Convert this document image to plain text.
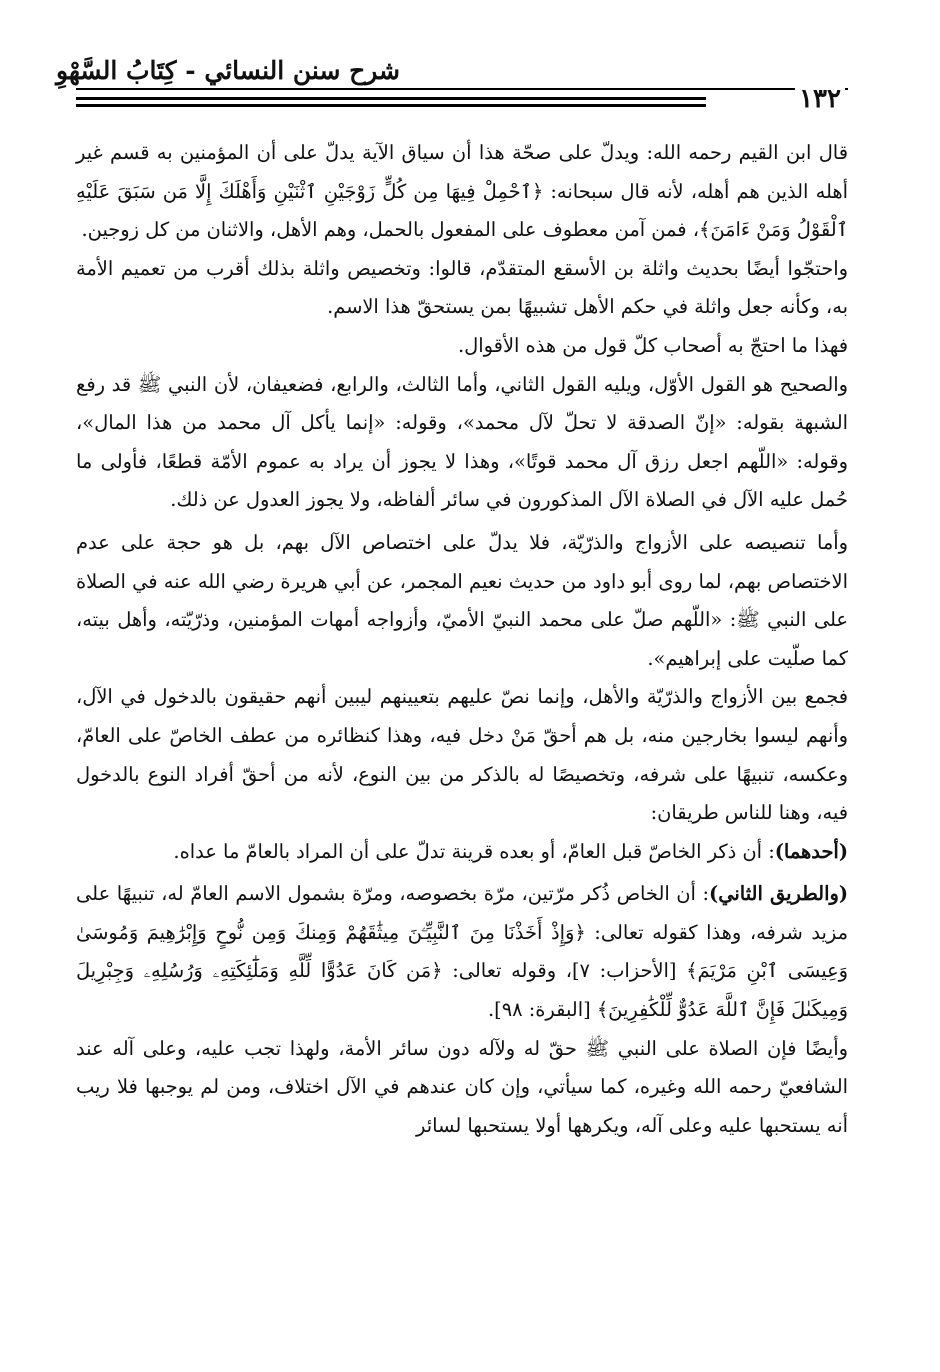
شرح سنن النسائي - كِتَابُ السَّهْوِ
١٣٢

قال ابن القيم رحمه الله: ويدلّ على صحّة هذا أن سياق الآية يدلّ على أن المؤمنين به قسم غير أهله الذين هم أهله، لأنه قال سبحانه: ﴿ٱحْمِلْ فِيهَا مِن كُلٍّ زَوْجَيْنِ ٱثْنَيْنِ وَأَهْلَكَ إِلَّا مَن سَبَقَ عَلَيْهِ ٱلْقَوْلُ وَمَنْ ءَامَنَ﴾، فمن آمن معطوف على المفعول بالحمل، وهم الأهل، والاثنان من كل زوجين.

واحتجّوا أيضًا بحديث واثلة بن الأسقع المتقدّم، قالوا: وتخصيص واثلة بذلك أقرب من تعميم الأمة به، وكأنه جعل واثلة في حكم الأهل تشبيهًا بمن يستحقّ هذا الاسم.

فهذا ما احتجّ به أصحاب كلّ قول من هذه الأقوال.

والصحيح هو القول الأوّل، ويليه القول الثاني، وأما الثالث، والرابع، فضعيفان، لأن النبي ﷺ قد رفع الشبهة بقوله: «إنّ الصدقة لا تحلّ لآل محمد»، وقوله: «إنما يأكل آل محمد من هذا المال»، وقوله: «اللّهم اجعل رزق آل محمد قوتًا»، وهذا لا يجوز أن يراد به عموم الأمّة قطعًا، فأولى ما حُمل عليه الآل في الصلاة الآل المذكورون في سائر ألفاظه، ولا يجوز العدول عن ذلك.

وأما تنصيصه على الأزواج والذرّيّة، فلا يدلّ على اختصاص الآل بهم، بل هو حجة على عدم الاختصاص بهم، لما روى أبو داود من حديث نعيم المجمر، عن أبي هريرة رضي الله عنه في الصلاة على النبي ﷺ: «اللّهم صلّ على محمد النبيّ الأميّ، وأزواجه أمهات المؤمنين، وذرّيّته، وأهل بيته، كما صلّيت على إبراهيم».

فجمع بين الأزواج والذرّيّة والأهل، وإنما نصّ عليهم بتعيينهم ليبين أنهم حقيقون بالدخول في الآل، وأنهم ليسوا بخارجين منه، بل هم أحقّ مَنْ دخل فيه، وهذا كنظائره من عطف الخاصّ على العامّ، وعكسه، تنبيهًا على شرفه، وتخصيصًا له بالذكر من بين النوع، لأنه من أحقّ أفراد النوع بالدخول فيه، وهنا للناس طريقان:

(أحدهما): أن ذكر الخاصّ قبل العامّ، أو بعده قرينة تدلّ على أن المراد بالعامّ ما عداه.

(والطريق الثاني): أن الخاص ذُكر مرّتين، مرّة بخصوصه، ومرّة بشمول الاسم العامّ له، تنبيهًا على مزيد شرفه، وهذا كقوله تعالى: ﴿وَإِذْ أَخَذْنَا مِنَ ٱلنَّبِيِّـۧنَ مِيثَٰقَهُمْ وَمِنكَ وَمِن نُّوحٍ وَإِبْرَٰهِيمَ وَمُوسَىٰ وَعِيسَى ٱبْنِ مَرْيَمَ﴾ [الأحزاب: ٧]، وقوله تعالى: ﴿مَن كَانَ عَدُوًّا لِّلَّهِ وَمَلَٰٓئِكَتِهِۦ وَرُسُلِهِۦ وَجِبْرِيلَ وَمِيكَىٰلَ فَإِنَّ ٱللَّهَ عَدُوٌّ لِّلْكَٰفِرِينَ﴾ [البقرة: ٩٨].

وأيضًا فإن الصلاة على النبي ﷺ حقّ له ولآله دون سائر الأمة، ولهذا تجب عليه، وعلى آله عند الشافعيّ رحمه الله وغيره، كما سيأتي، وإن كان عندهم في الآل اختلاف، ومن لم يوجبها فلا ريب أنه يستحبها عليه وعلى آله، ويكرهها أولا يستحبها لسائر
